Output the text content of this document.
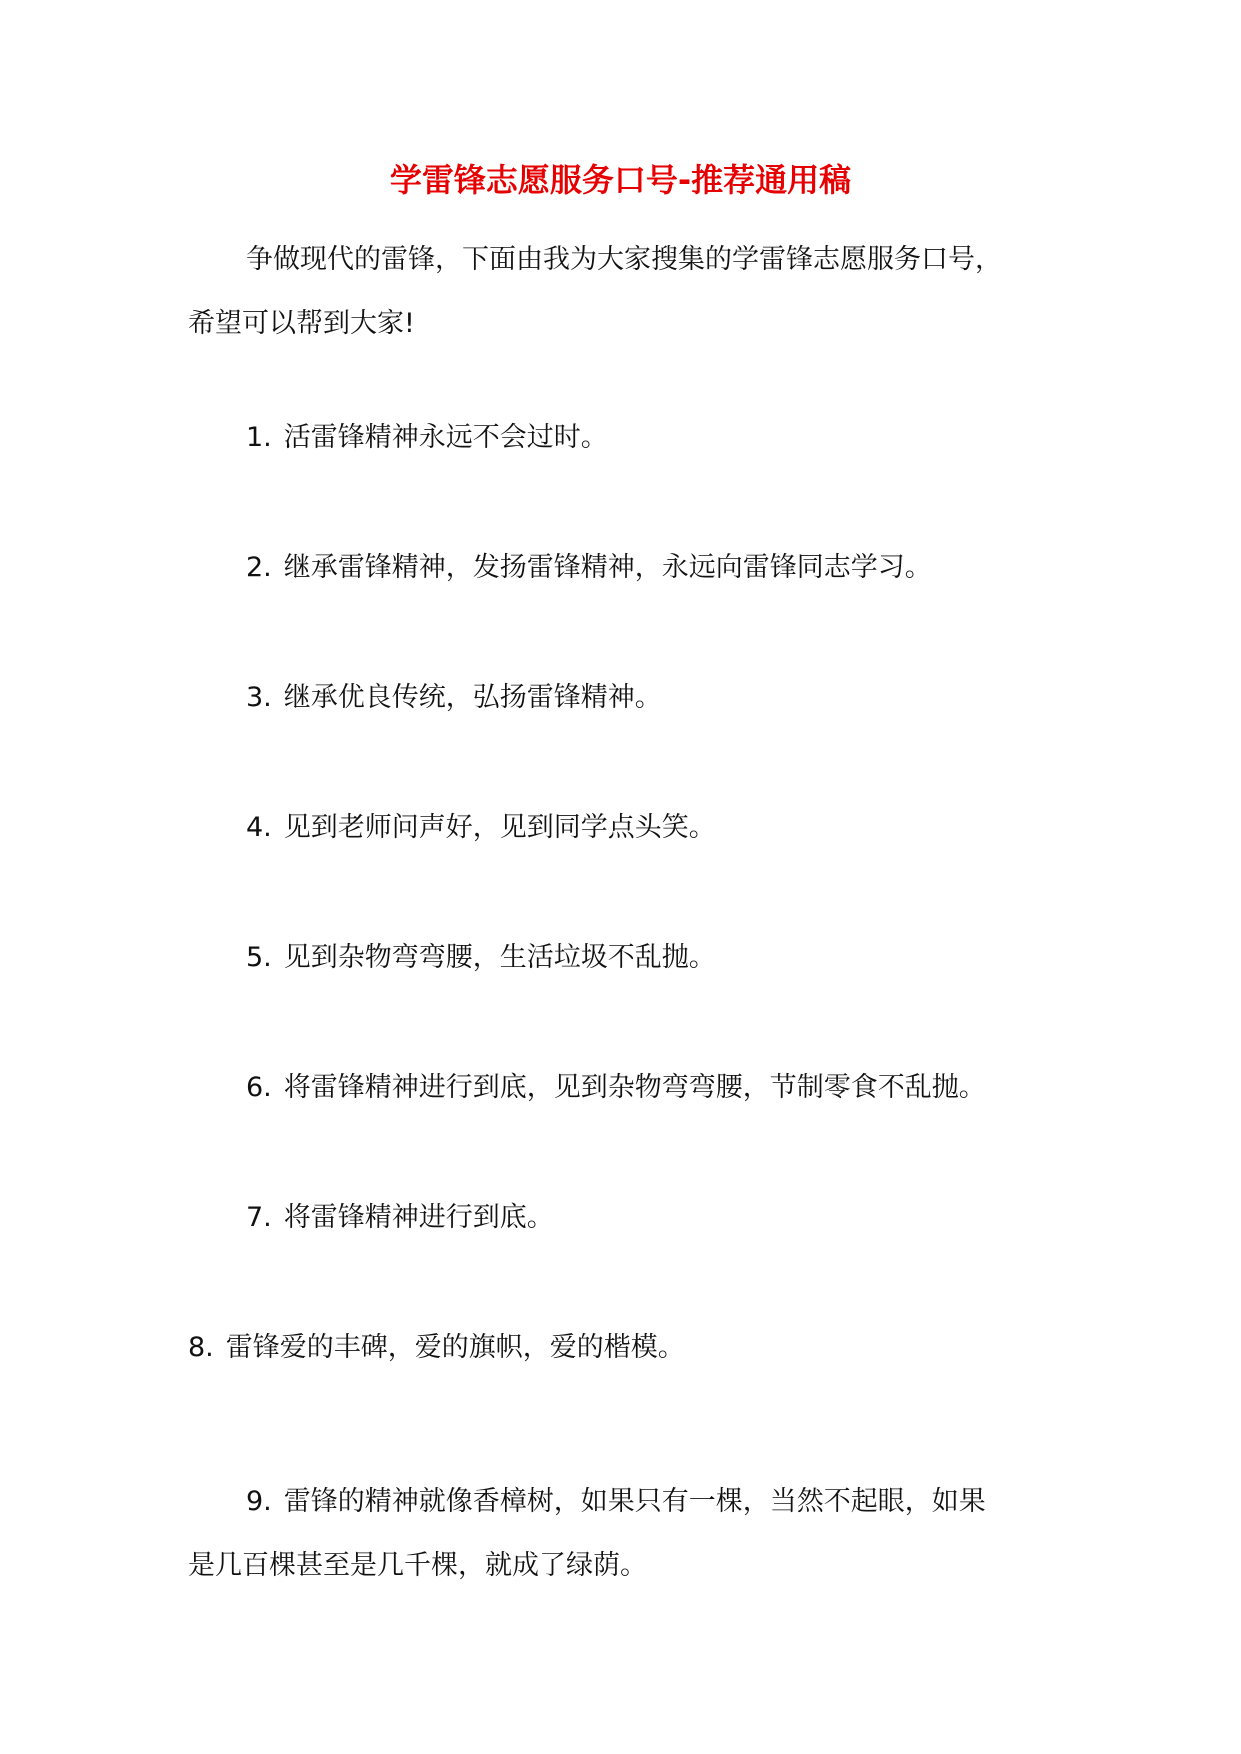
学雷锋志愿服务口号-推荐通用稿
争做现代的雷锋，下面由我为大家搜集的学雷锋志愿服务口号，
希望可以帮到大家!
1. 活雷锋精神永远不会过时。
2. 继承雷锋精神，发扬雷锋精神，永远向雷锋同志学习。
3. 继承优良传统，弘扬雷锋精神。
4. 见到老师问声好，见到同学点头笑。
5. 见到杂物弯弯腰，生活垃圾不乱抛。
6. 将雷锋精神进行到底，见到杂物弯弯腰，节制零食不乱抛。
7. 将雷锋精神进行到底。
8. 雷锋爱的丰碑，爱的旗帜，爱的楷模。
9. 雷锋的精神就像香樟树，如果只有一棵，当然不起眼，如果
是几百棵甚至是几千棵，就成了绿荫。
